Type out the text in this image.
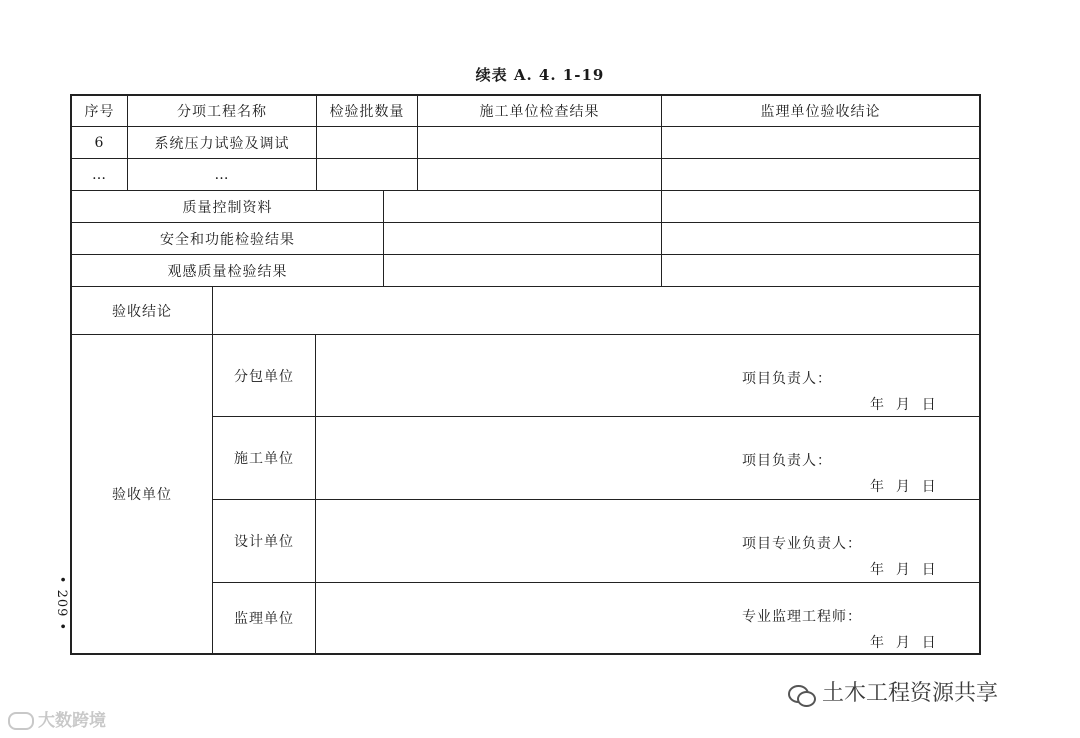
续表 A. 4. 1-19
序号	分项工程名称	检验批数量	施工单位检查结果	监理单位验收结论
6	系统压力试验及调试
…	…
质量控制资料
安全和功能检验结果
观感质量检验结果
验收结论
验收单位
分包单位	项目负责人：
年  月  日
施工单位	项目负责人：
年  月  日
设计单位	项目专业负责人：
年  月  日
监理单位	专业监理工程师：
年  月  日
• 209 •
大数跨境
土木工程资源共享
